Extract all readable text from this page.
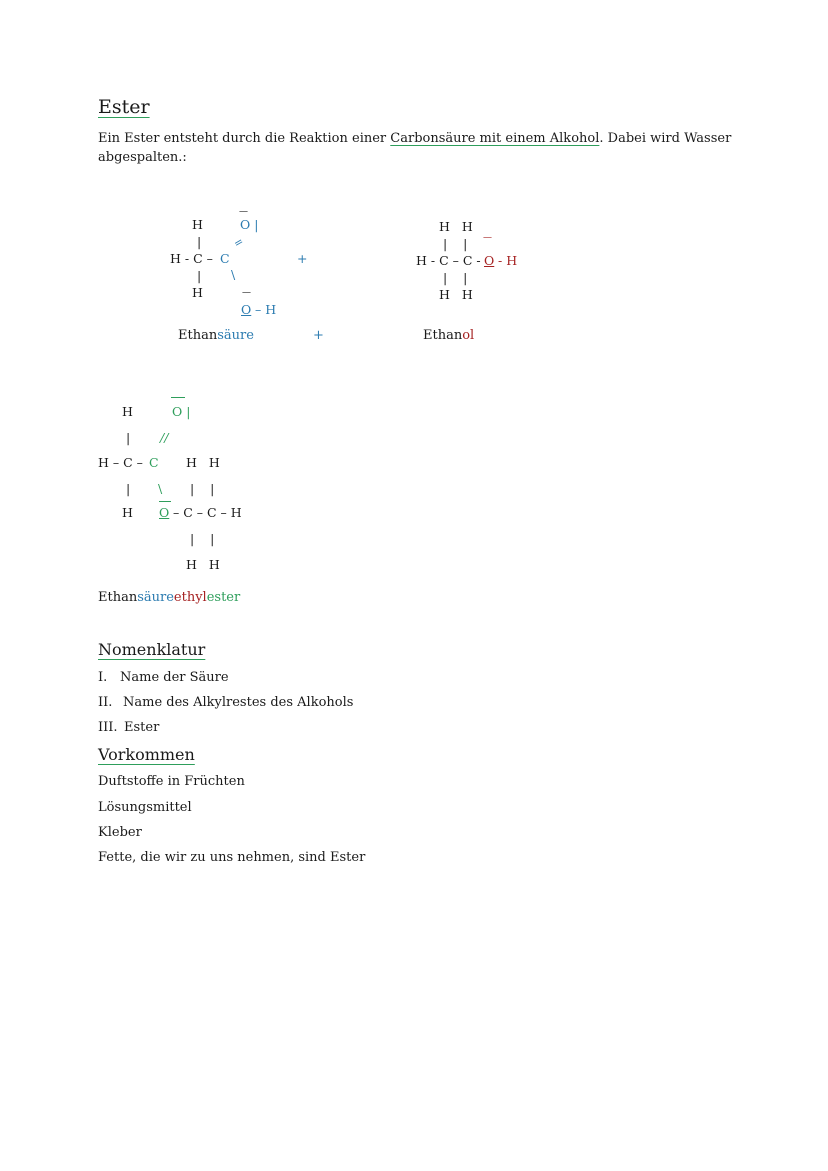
Ester
Ein Ester entsteht durch die Reaktion einer Carbonsäure mit einem Alkohol. Dabei wird Wasser
abgespalten.:
H
—
O |
|	=
H - C – C
| \
H	—
O – H
+
H   H
|    | —
H - C – C - O - H
|    |
H   H
Ethansäure	+	Ethanol
H	O |
| //
H – C – C H   H
| \ |    |
H O – C – C – H
|    |
H   H
Ethansäureethylester
Nomenklatur
I. Name der Säure
II. Name des Alkylrestes des Alkohols
III. Ester
Vorkommen
Duftstoffe in Früchten
Lösungsmittel
Kleber
Fette, die wir zu uns nehmen, sind Ester
